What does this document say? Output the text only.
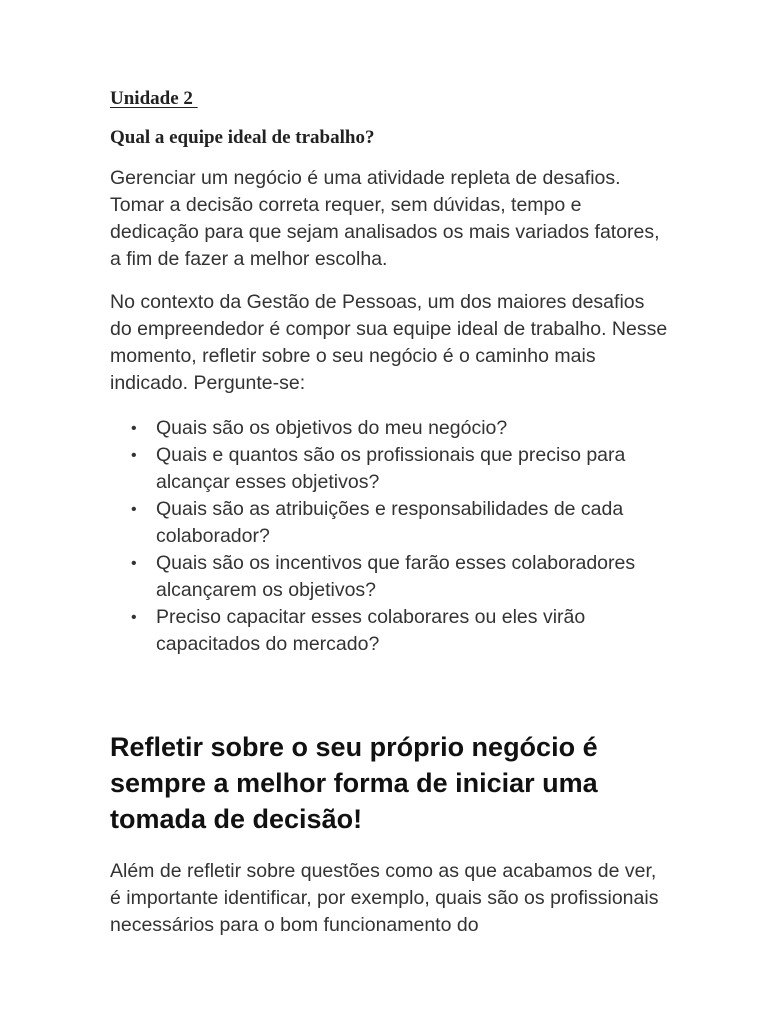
Unidade 2

Qual a equipe ideal de trabalho?

Gerenciar um negócio é uma atividade repleta de desafios. Tomar a decisão correta requer, sem dúvidas, tempo e dedicação para que sejam analisados os mais variados fatores, a fim de fazer a melhor escolha.

No contexto da Gestão de Pessoas, um dos maiores desafios do empreendedor é compor sua equipe ideal de trabalho. Nesse momento, refletir sobre o seu negócio é o caminho mais indicado. Pergunte-se:

• Quais são os objetivos do meu negócio?
• Quais e quantos são os profissionais que preciso para alcançar esses objetivos?
• Quais são as atribuições e responsabilidades de cada colaborador?
• Quais são os incentivos que farão esses colaboradores alcançarem os objetivos?
• Preciso capacitar esses colaborares ou eles virão capacitados do mercado?
Refletir sobre o seu próprio negócio é sempre a melhor forma de iniciar uma tomada de decisão!

Além de refletir sobre questões como as que acabamos de ver, é importante identificar, por exemplo, quais são os profissionais necessários para o bom funcionamento do
